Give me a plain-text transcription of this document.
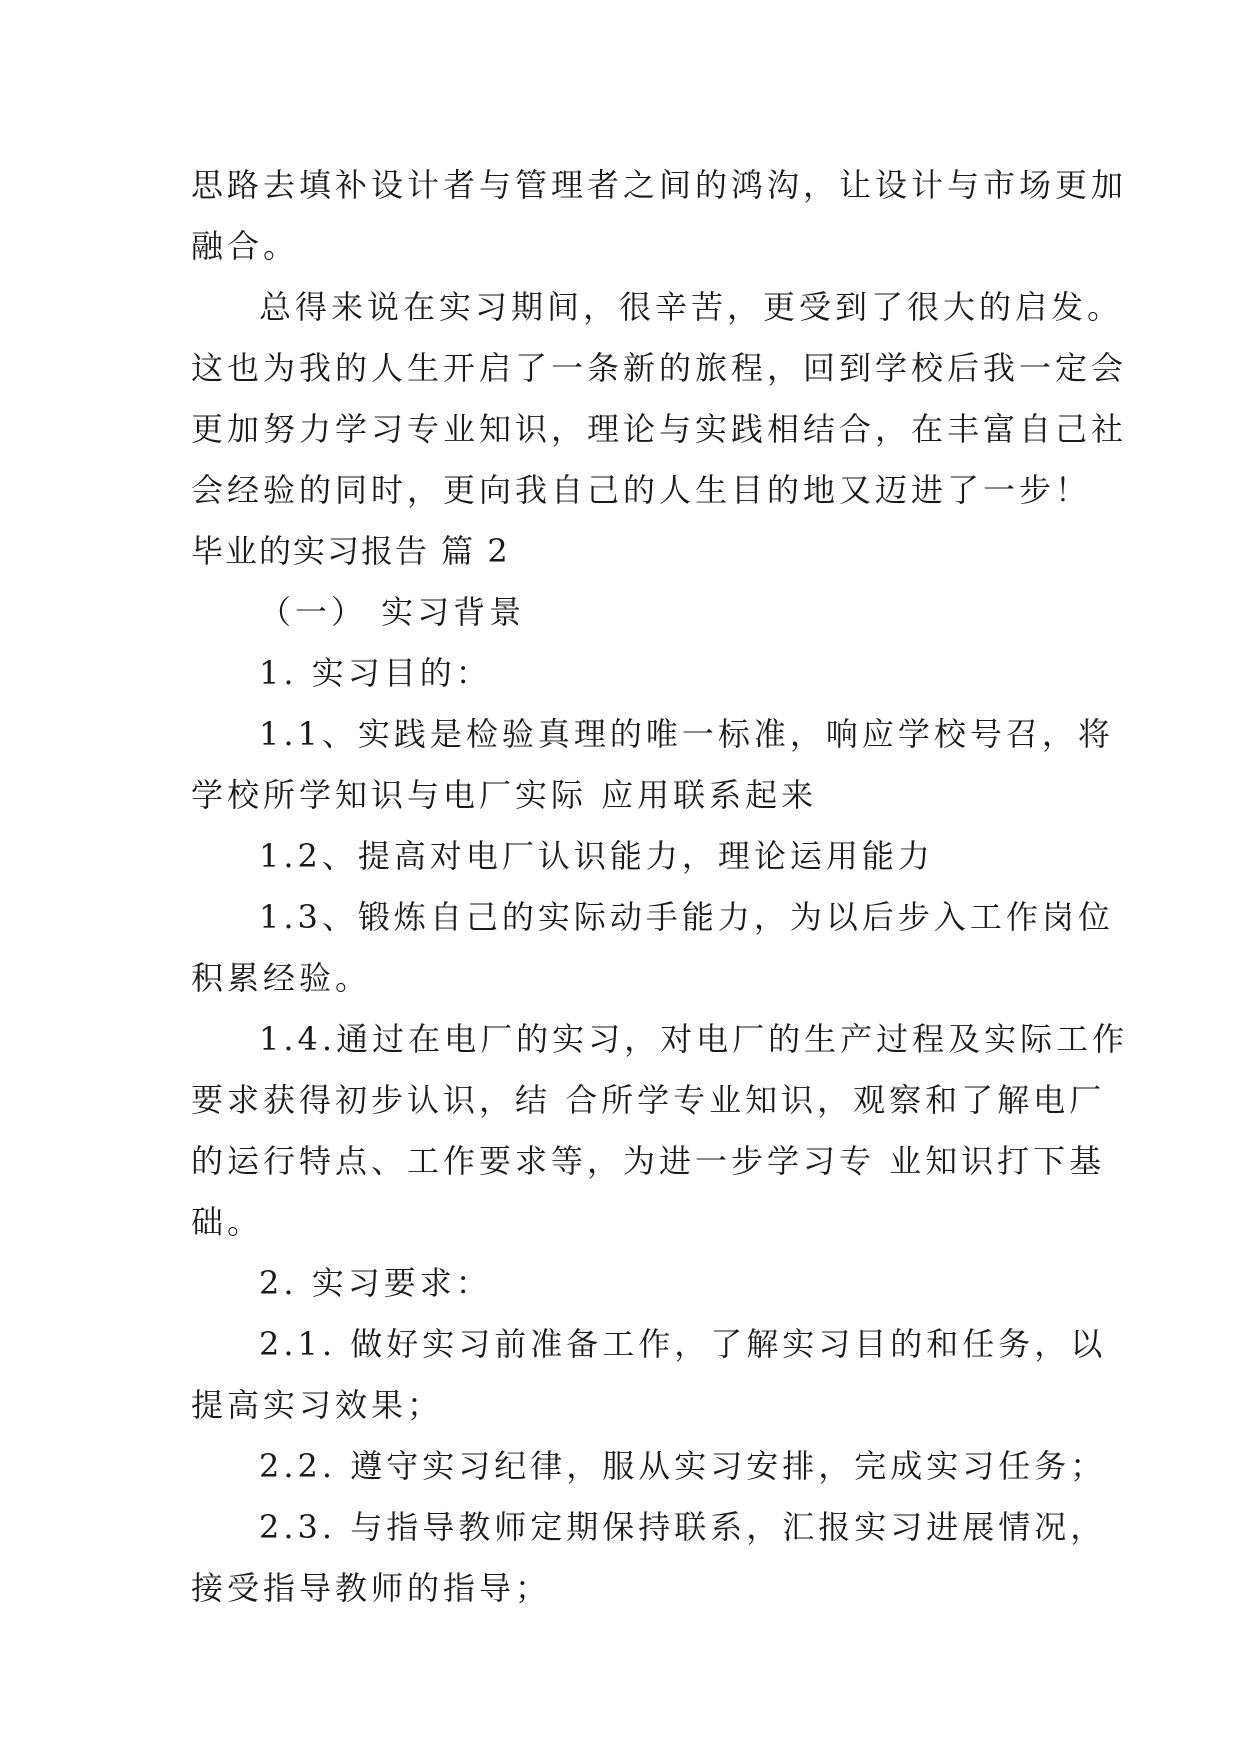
思路去填补设计者与管理者之间的鸿沟，让设计与市场更加
融合。

总得来说在实习期间，很辛苦，更受到了很大的启发。
这也为我的人生开启了一条新的旅程，回到学校后我一定会
更加努力学习专业知识，理论与实践相结合，在丰富自己社
会经验的同时，更向我自己的人生目的地又迈进了一步！

毕业的实习报告 篇 2

（一） 实习背景

1. 实习目的：

1.1、实践是检验真理的唯一标准，响应学校号召，将
学校所学知识与电厂实际 应用联系起来

1.2、提高对电厂认识能力，理论运用能力

1.3、锻炼自己的实际动手能力，为以后步入工作岗位
积累经验。

1.4.通过在电厂的实习，对电厂的生产过程及实际工作
要求获得初步认识，结 合所学专业知识，观察和了解电厂
的运行特点、工作要求等，为进一步学习专 业知识打下基
础。

2. 实习要求：

2.1. 做好实习前准备工作，了解实习目的和任务，以
提高实习效果；

2.2. 遵守实习纪律，服从实习安排，完成实习任务；

2.3. 与指导教师定期保持联系，汇报实习进展情况，
接受指导教师的指导；
